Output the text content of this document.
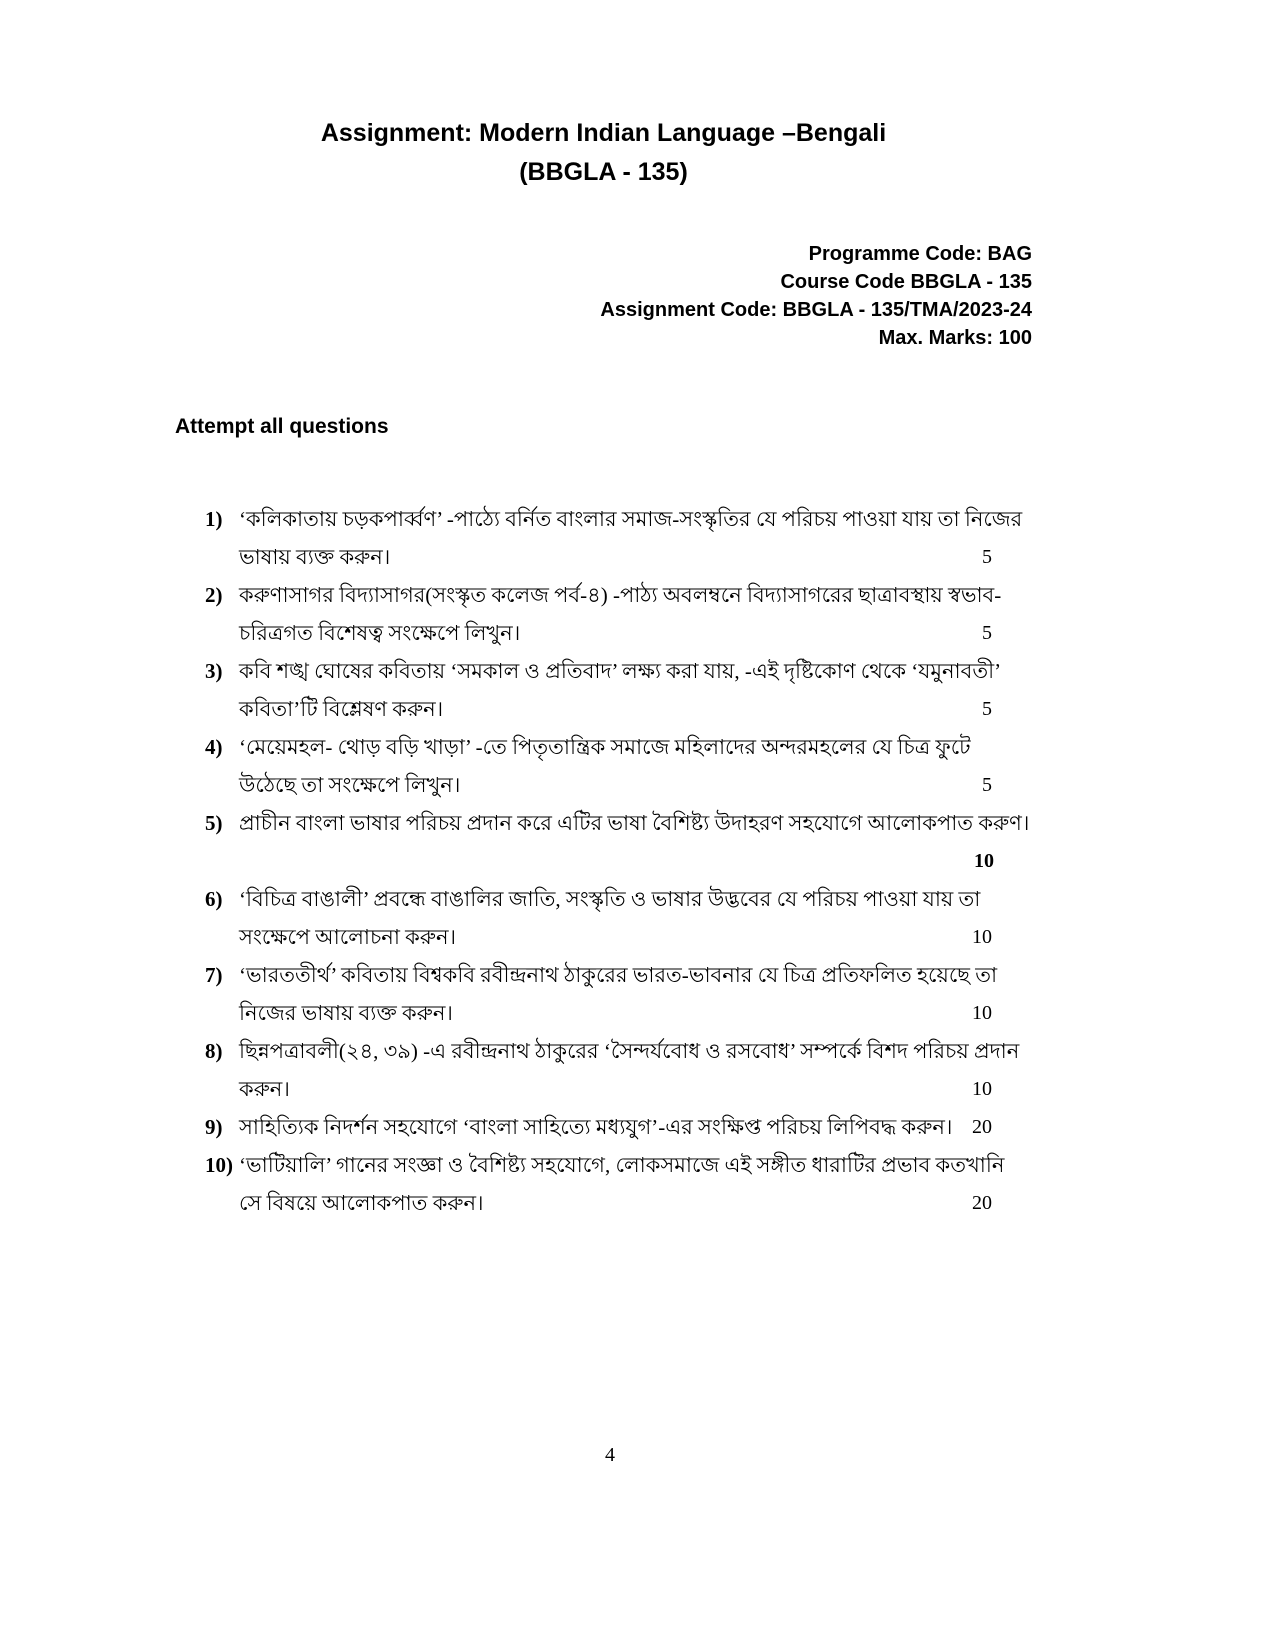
Assignment: Modern Indian Language –Bengali
(BBGLA - 135)
Programme Code: BAG
Course Code BBGLA - 135
Assignment Code: BBGLA - 135/TMA/2023-24
Max. Marks: 100
Attempt all questions
1) ‘কলিকাতায় চড়কপার্ব্বণ’ -পাঠ্যে বর্নিত বাংলার সমাজ-সংস্কৃতির যে পরিচয় পাওয়া যায় তা নিজের ভাষায় ব্যক্ত করুন।	5
2) করুণাসাগর বিদ্যাসাগর(সংস্কৃত কলেজ পর্ব-৪) -পাঠ্য অবলম্বনে বিদ্যাসাগরের ছাত্রাবস্থায় স্বভাব-চরিত্রগত বিশেষত্ব সংক্ষেপে লিখুন।	5
3) কবি শঙ্খ ঘোষের কবিতায় ‘সমকাল ও প্রতিবাদ’ লক্ষ্য করা যায়, -এই দৃষ্টিকোণ থেকে ‘যমুনাবতী’ কবিতা’টি বিশ্লেষণ করুন।	5
4) ‘মেয়েমহল- থোড় বড়ি খাড়া’ -তে পিতৃতান্ত্রিক সমাজে মহিলাদের অন্দরমহলের যে চিত্র ফুটে উঠেছে তা সংক্ষেপে লিখুন।	5
5) প্রাচীন বাংলা ভাষার পরিচয় প্রদান করে এটির ভাষা বৈশিষ্ট্য উদাহরণ সহযোগে আলোকপাত করুণ।
10
6) ‘বিচিত্র বাঙালী’ প্রবন্ধে বাঙালির জাতি, সংস্কৃতি ও ভাষার উদ্ভবের যে পরিচয় পাওয়া যায় তা সংক্ষেপে আলোচনা করুন।	10
7) ‘ভারততীর্থ’ কবিতায় বিশ্বকবি রবীন্দ্রনাথ ঠাকুরের ভারত-ভাবনার যে চিত্র প্রতিফলিত হয়েছে তা নিজের ভাষায় ব্যক্ত করুন।	10
8) ছিন্নপত্রাবলী(২৪, ৩৯) -এ রবীন্দ্রনাথ ঠাকুরের ‘সৈন্দর্যবোধ ও রসবোধ’ সম্পর্কে বিশদ পরিচয় প্রদান করুন।	10
9) সাহিত্যিক নিদর্শন সহযোগে ‘বাংলা সাহিত্যে মধ্যযুগ’-এর সংক্ষিপ্ত পরিচয় লিপিবদ্ধ করুন। 20
10) ‘ভাটিয়ালি’ গানের সংজ্ঞা ও বৈশিষ্ট্য সহযোগে, লোকসমাজে এই সঙ্গীত ধারাটির প্রভাব কতখানি সে বিষয়ে আলোকপাত করুন।	20
4
